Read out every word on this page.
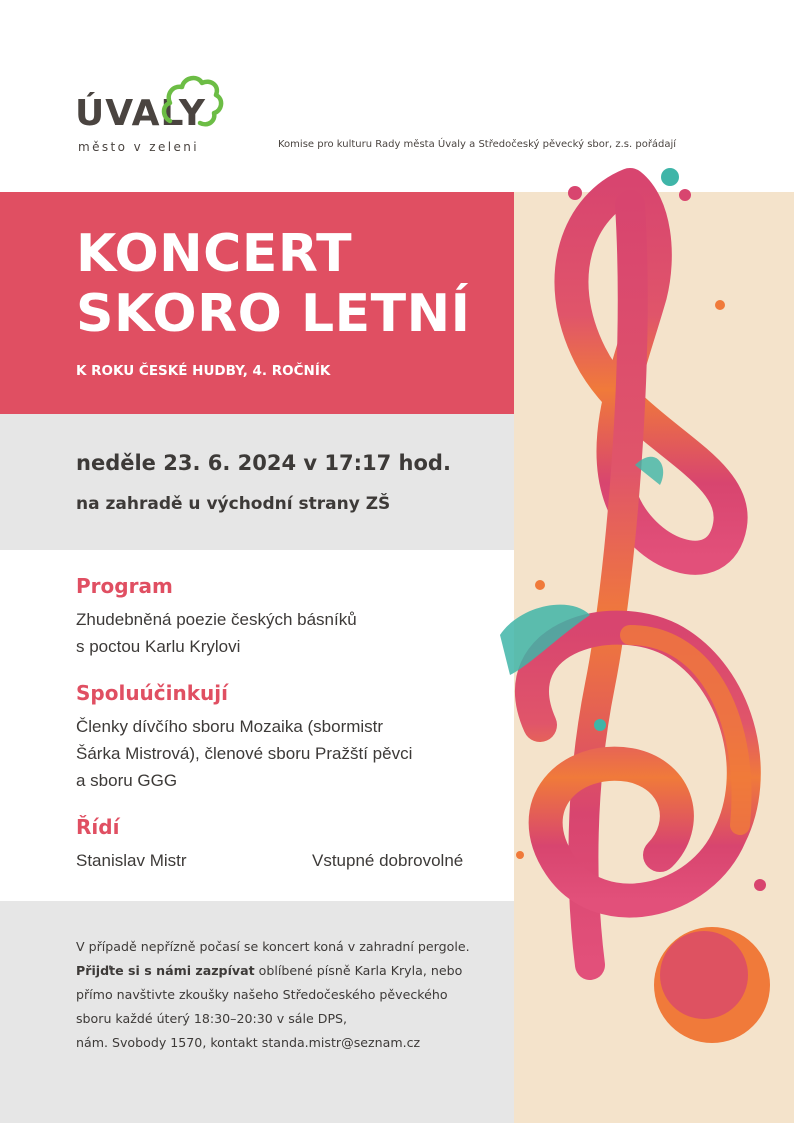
ÚVALY
město v zeleni	Komise pro kulturu Rady města Úvaly a Středočeský pěvecký sbor, z.s. pořádají
KONCERT
SKORO LETNÍ
K ROKU ČESKÉ HUDBY, 4. ROČNÍK
neděle 23. 6. 2024 v 17:17 hod.
na zahradě u východní strany ZŠ
Program
Zhudebněná poezie českých básníků
s poctou Karlu Krylovi
Spoluúčinkují
Členky dívčího sboru Mozaika (sbormistr
Šárka Mistrová), členové sboru Pražští pěvci
a sboru GGG
Řídí
Stanislav Mistr	Vstupné dobrovolné
V případě nepřízně počasí se koncert koná v zahradní pergole.
Přijďte si s námi zazpívat oblíbené písně Karla Kryla, nebo
přímo navštivte zkoušky našeho Středočeského pěveckého
sboru každé úterý 18:30–20:30 v sále DPS,
nám. Svobody 1570, kontakt standa.mistr@seznam.cz
